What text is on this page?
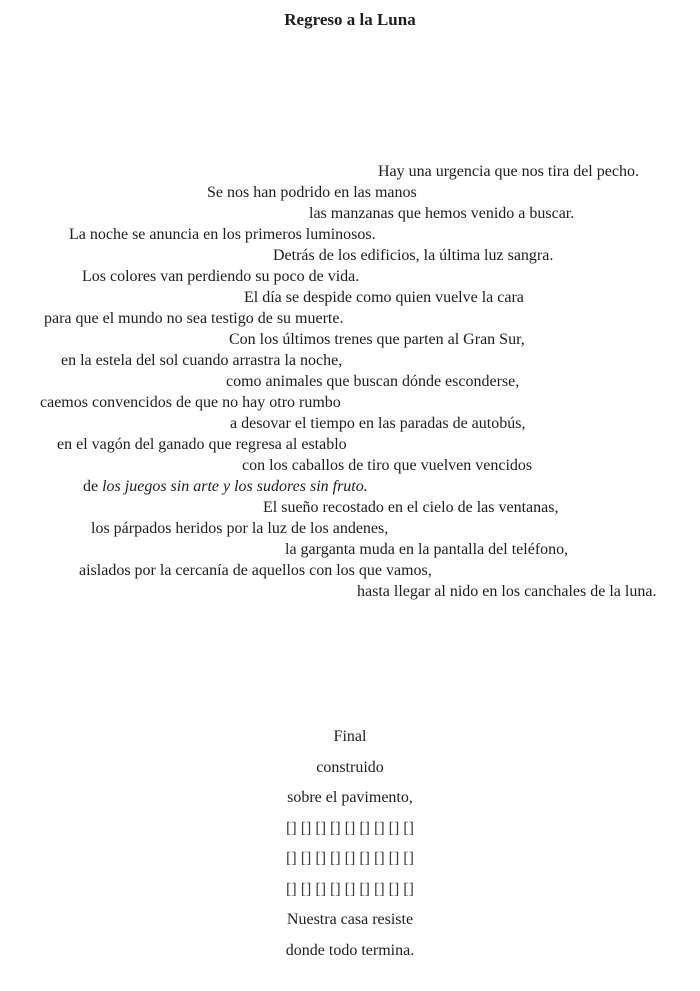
Regreso a la Luna
Hay una urgencia que nos tira del pecho.
Se nos han podrido en las manos
las manzanas que hemos venido a buscar.
La noche se anuncia en los primeros luminosos.
Detrás de los edificios, la última luz sangra.
Los colores van perdiendo su poco de vida.
El día se despide como quien vuelve la cara
para que el mundo no sea testigo de su muerte.
Con los últimos trenes que parten al Gran Sur,
en la estela del sol cuando arrastra la noche,
como animales que buscan dónde esconderse,
caemos convencidos de que no hay otro rumbo
a desovar el tiempo en las paradas de autobús,
en el vagón del ganado que regresa al establo
con los caballos de tiro que vuelven vencidos
de los juegos sin arte y los sudores sin fruto.
El sueño recostado en el cielo de las ventanas,
los párpados heridos por la luz de los andenes,
la garganta muda en la pantalla del teléfono,
aislados por la cercanía de aquellos con los que vamos,
hasta llegar al nido en los canchales de la luna.
Final
construido
sobre el pavimento,
[] [] [] [] [] [] [] [] []
[] [] [] [] [] [] [] [] []
[] [] [] [] [] [] [] [] []
Nuestra casa resiste
donde todo termina.
